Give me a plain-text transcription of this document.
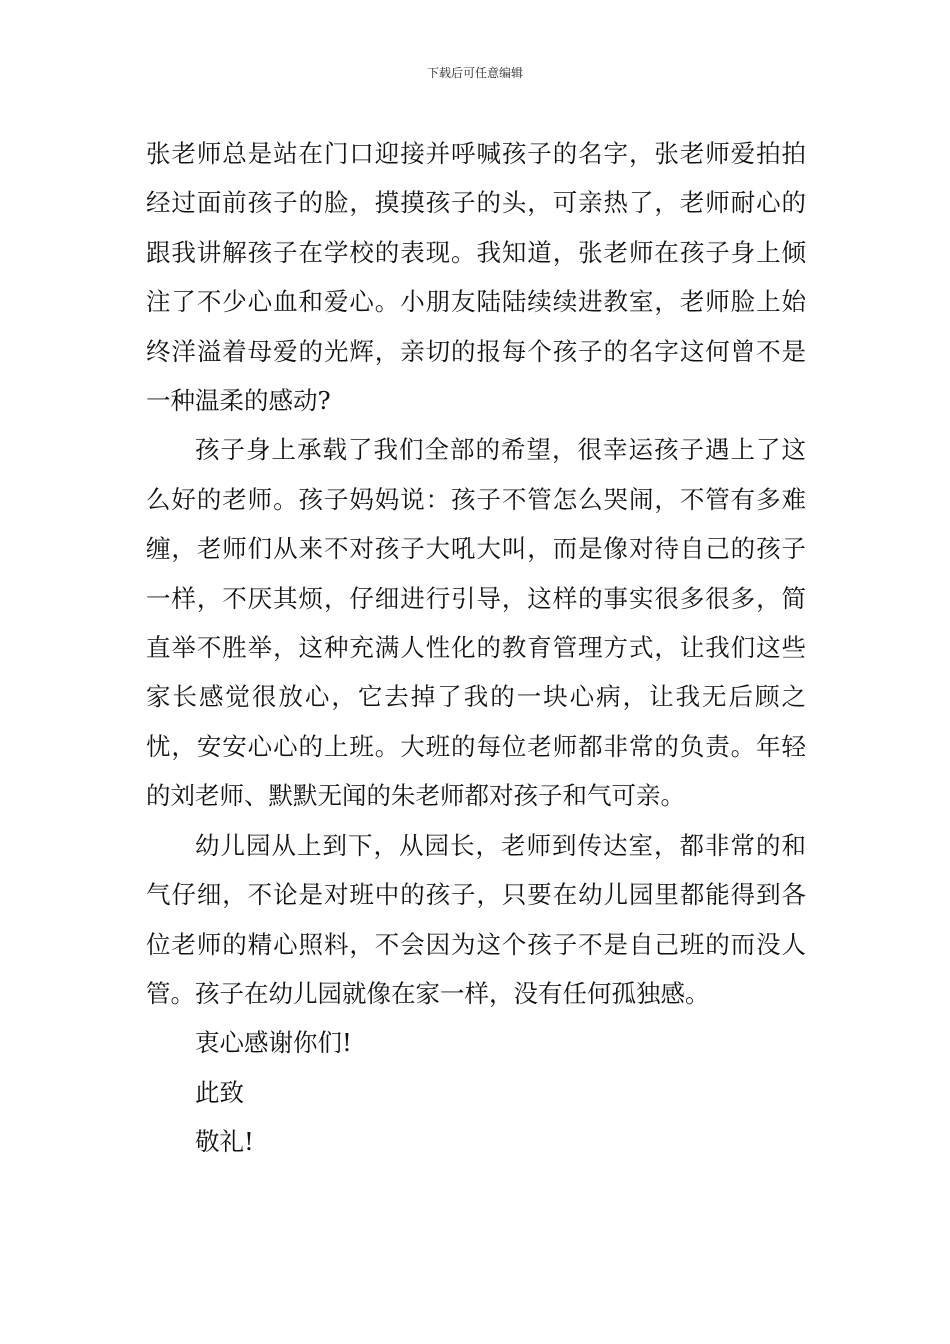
下载后可任意编辑

张老师总是站在门口迎接并呼喊孩子的名字，张老师爱拍拍经过面前孩子的脸，摸摸孩子的头，可亲热了，老师耐心的跟我讲解孩子在学校的表现。我知道，张老师在孩子身上倾注了不少心血和爱心。小朋友陆陆续续进教室，老师脸上始终洋溢着母爱的光辉，亲切的报每个孩子的名字这何曾不是一种温柔的感动?

孩子身上承载了我们全部的希望，很幸运孩子遇上了这么好的老师。孩子妈妈说：孩子不管怎么哭闹，不管有多难缠，老师们从来不对孩子大吼大叫，而是像对待自己的孩子一样，不厌其烦，仔细进行引导，这样的事实很多很多，简直举不胜举，这种充满人性化的教育管理方式，让我们这些家长感觉很放心，它去掉了我的一块心病，让我无后顾之忧，安安心心的上班。大班的每位老师都非常的负责。年轻的刘老师、默默无闻的朱老师都对孩子和气可亲。

幼儿园从上到下，从园长，老师到传达室，都非常的和气仔细，不论是对班中的孩子，只要在幼儿园里都能得到各位老师的精心照料，不会因为这个孩子不是自己班的而没人管。孩子在幼儿园就像在家一样，没有任何孤独感。

衷心感谢你们!

此致

敬礼!
